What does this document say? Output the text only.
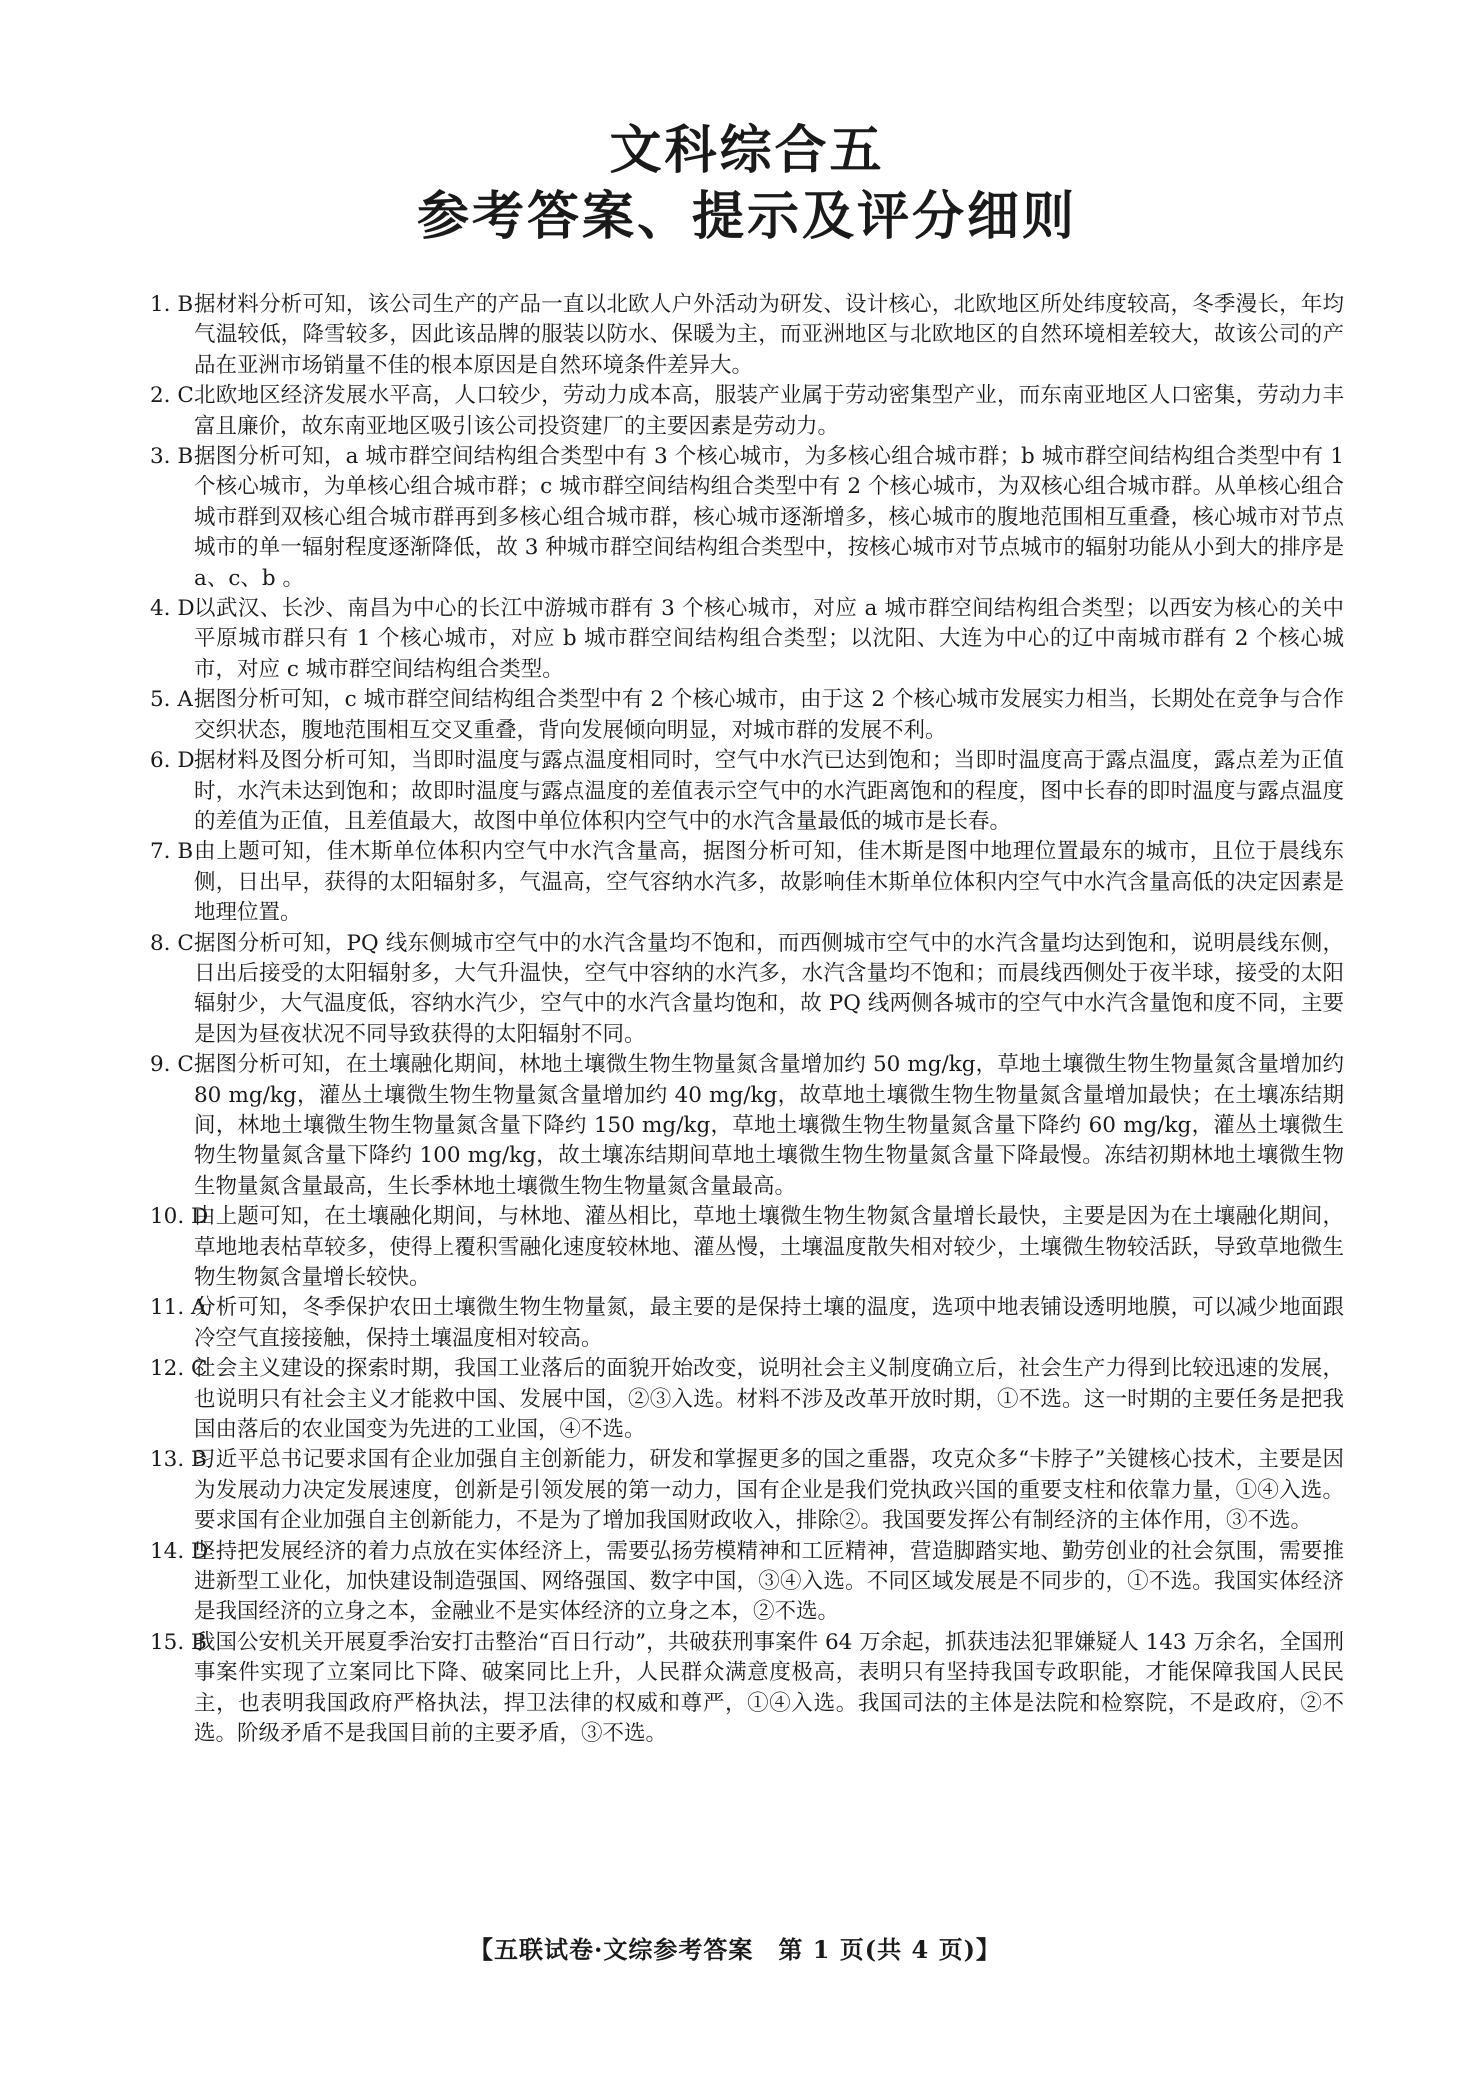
文科综合五
参考答案、提示及评分细则
1. B 据材料分析可知，该公司生产的产品一直以北欧人户外活动为研发、设计核心，北欧地区所处纬度较高，冬季漫长，年均气温较低，降雪较多，因此该品牌的服装以防水、保暖为主，而亚洲地区与北欧地区的自然环境相差较大，故该公司的产品在亚洲市场销量不佳的根本原因是自然环境条件差异大。
2. C 北欧地区经济发展水平高，人口较少，劳动力成本高，服装产业属于劳动密集型产业，而东南亚地区人口密集，劳动力丰富且廉价，故东南亚地区吸引该公司投资建厂的主要因素是劳动力。
3. B 据图分析可知，a 城市群空间结构组合类型中有 3 个核心城市，为多核心组合城市群；b 城市群空间结构组合类型中有 1 个核心城市，为单核心组合城市群；c 城市群空间结构组合类型中有 2 个核心城市，为双核心组合城市群。从单核心组合城市群到双核心组合城市群再到多核心组合城市群，核心城市逐渐增多，核心城市的腹地范围相互重叠，核心城市对节点城市的单一辐射程度逐渐降低，故 3 种城市群空间结构组合类型中，按核心城市对节点城市的辐射功能从小到大的排序是 a、c、b 。
4. D 以武汉、长沙、南昌为中心的长江中游城市群有 3 个核心城市，对应 a 城市群空间结构组合类型；以西安为核心的关中平原城市群只有 1 个核心城市，对应 b 城市群空间结构组合类型；以沈阳、大连为中心的辽中南城市群有 2 个核心城市，对应 c 城市群空间结构组合类型。
5. A 据图分析可知，c 城市群空间结构组合类型中有 2 个核心城市，由于这 2 个核心城市发展实力相当，长期处在竞争与合作交织状态，腹地范围相互交叉重叠，背向发展倾向明显，对城市群的发展不利。
6. D 据材料及图分析可知，当即时温度与露点温度相同时，空气中水汽已达到饱和；当即时温度高于露点温度，露点差为正值时，水汽未达到饱和；故即时温度与露点温度的差值表示空气中的水汽距离饱和的程度，图中长春的即时温度与露点温度的差值为正值，且差值最大，故图中单位体积内空气中的水汽含量最低的城市是长春。
7. B 由上题可知，佳木斯单位体积内空气中水汽含量高，据图分析可知，佳木斯是图中地理位置最东的城市，且位于晨线东侧，日出早，获得的太阳辐射多，气温高，空气容纳水汽多，故影响佳木斯单位体积内空气中水汽含量高低的决定因素是地理位置。
8. C 据图分析可知，PQ 线东侧城市空气中的水汽含量均不饱和，而西侧城市空气中的水汽含量均达到饱和，说明晨线东侧，日出后接受的太阳辐射多，大气升温快，空气中容纳的水汽多，水汽含量均不饱和；而晨线西侧处于夜半球，接受的太阳辐射少，大气温度低，容纳水汽少，空气中的水汽含量均饱和，故 PQ 线两侧各城市的空气中水汽含量饱和度不同，主要是因为昼夜状况不同导致获得的太阳辐射不同。
9. C 据图分析可知，在土壤融化期间，林地土壤微生物生物量氮含量增加约 50 mg/kg，草地土壤微生物生物量氮含量增加约 80 mg/kg，灌丛土壤微生物生物量氮含量增加约 40 mg/kg，故草地土壤微生物生物量氮含量增加最快；在土壤冻结期间，林地土壤微生物生物量氮含量下降约 150 mg/kg，草地土壤微生物生物量氮含量下降约 60 mg/kg，灌丛土壤微生物生物量氮含量下降约 100 mg/kg，故土壤冻结期间草地土壤微生物生物量氮含量下降最慢。冻结初期林地土壤微生物生物量氮含量最高，生长季林地土壤微生物生物量氮含量最高。
10. D
由上题可知，在土壤融化期间，与林地、灌丛相比，草地土壤微生物生物氮含量增长最快，主要是因为在土壤融化期间，草地地表枯草较多，使得上覆积雪融化速度较林地、灌丛慢，土壤温度散失相对较少，土壤微生物较活跃，导致草地微生物生物氮含量增长较快。
11. A
分析可知，冬季保护农田土壤微生物生物量氮，最主要的是保持土壤的温度，选项中地表铺设透明地膜，可以减少地面跟冷空气直接接触，保持土壤温度相对较高。
12. C
社会主义建设的探索时期，我国工业落后的面貌开始改变，说明社会主义制度确立后，社会生产力得到比较迅速的发展，也说明只有社会主义才能救中国、发展中国，②③入选。材料不涉及改革开放时期，①不选。这一时期的主要任务是把我国由落后的农业国变为先进的工业国，④不选。
13. B
习近平总书记要求国有企业加强自主创新能力，研发和掌握更多的国之重器，攻克众多“卡脖子”关键核心技术，主要是因为发展动力决定发展速度，创新是引领发展的第一动力，国有企业是我们党执政兴国的重要支柱和依靠力量，①④入选。要求国有企业加强自主创新能力，不是为了增加我国财政收入，排除②。我国要发挥公有制经济的主体作用，③不选。
14. D
坚持把发展经济的着力点放在实体经济上，需要弘扬劳模精神和工匠精神，营造脚踏实地、勤劳创业的社会氛围，需要推进新型工业化，加快建设制造强国、网络强国、数字中国，③④入选。不同区域发展是不同步的，①不选。我国实体经济是我国经济的立身之本，金融业不是实体经济的立身之本，②不选。
15. B
我国公安机关开展夏季治安打击整治“百日行动”，共破获刑事案件 64 万余起，抓获违法犯罪嫌疑人 143 万余名，全国刑事案件实现了立案同比下降、破案同比上升，人民群众满意度极高，表明只有坚持我国专政职能，才能保障我国人民民主，也表明我国政府严格执法，捍卫法律的权威和尊严，①④入选。我国司法的主体是法院和检察院，不是政府，②不选。阶级矛盾不是我国目前的主要矛盾，③不选。
【五联试卷·文综参考答案　第 1 页(共 4 页)】
